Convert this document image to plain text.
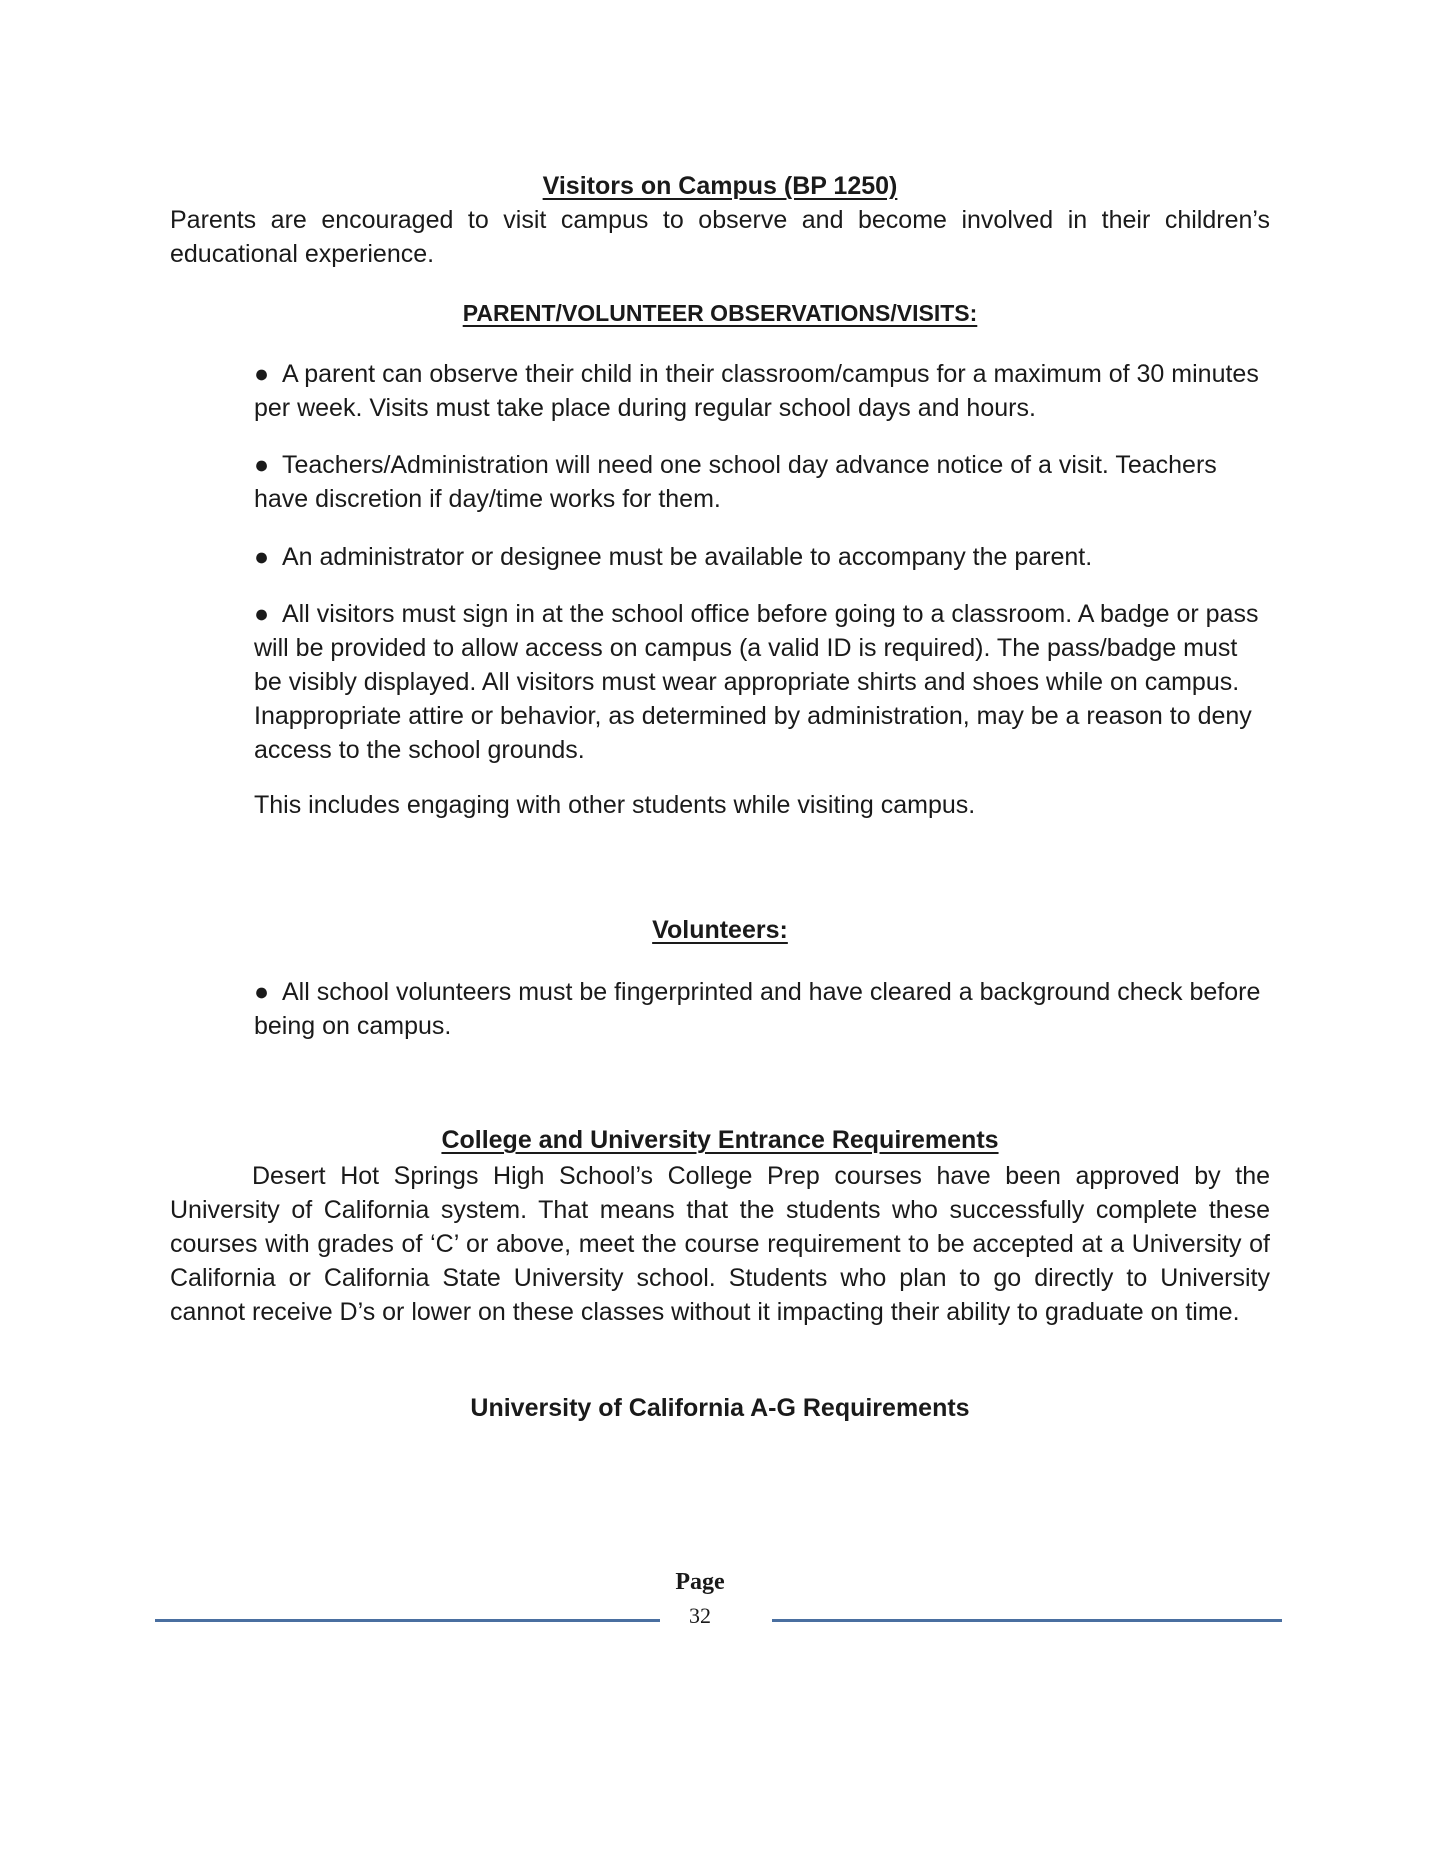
Visitors on Campus (BP 1250)

Parents are encouraged to visit campus to observe and become involved in their children’s educational experience.

PARENT/VOLUNTEER OBSERVATIONS/VISITS:

● A parent can observe their child in their classroom/campus for a maximum of 30 minutes per week. Visits must take place during regular school days and hours.

● Teachers/Administration will need one school day advance notice of a visit. Teachers have discretion if day/time works for them.

● An administrator or designee must be available to accompany the parent.

● All visitors must sign in at the school office before going to a classroom. A badge or pass will be provided to allow access on campus (a valid ID is required). The pass/badge must be visibly displayed. All visitors must wear appropriate shirts and shoes while on campus. Inappropriate attire or behavior, as determined by administration, may be a reason to deny access to the school grounds.

This includes engaging with other students while visiting campus.

Volunteers:

● All school volunteers must be fingerprinted and have cleared a background check before being on campus.

College and University Entrance Requirements

Desert Hot Springs High School’s College Prep courses have been approved by the University of California system. That means that the students who successfully complete these courses with grades of ‘C’ or above, meet the course requirement to be accepted at a University of California or California State University school. Students who plan to go directly to University cannot receive D’s or lower on these classes without it impacting their ability to graduate on time.

University of California A-G Requirements

Page

32
